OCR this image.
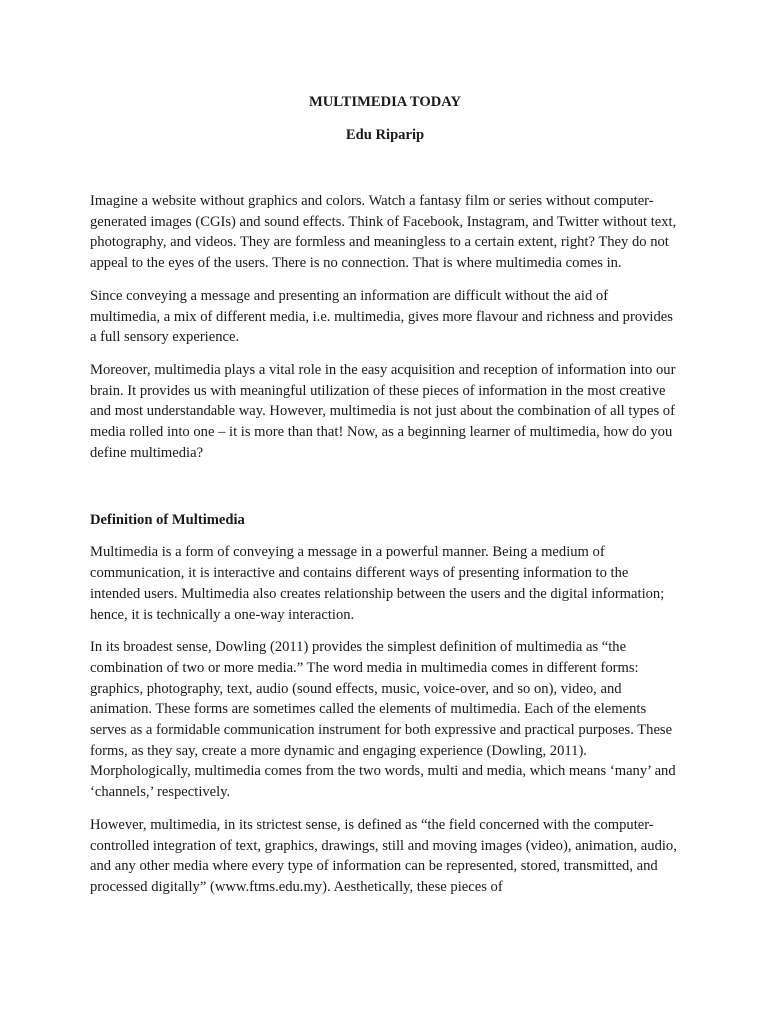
MULTIMEDIA TODAY

Edu Riparip

Imagine a website without graphics and colors. Watch a fantasy film or series without computer-generated images (CGIs) and sound effects. Think of Facebook, Instagram, and Twitter without text, photography, and videos. They are formless and meaningless to a certain extent, right? They do not appeal to the eyes of the users. There is no connection. That is where multimedia comes in.

Since conveying a message and presenting an information are difficult without the aid of multimedia, a mix of different media, i.e. multimedia, gives more flavour and richness and provides a full sensory experience.

Moreover, multimedia plays a vital role in the easy acquisition and reception of information into our brain. It provides us with meaningful utilization of these pieces of information in the most creative and most understandable way. However, multimedia is not just about the combination of all types of media rolled into one – it is more than that! Now, as a beginning learner of multimedia, how do you define multimedia?

Definition of Multimedia

Multimedia is a form of conveying a message in a powerful manner. Being a medium of communication, it is interactive and contains different ways of presenting information to the intended users. Multimedia also creates relationship between the users and the digital information; hence, it is technically a one-way interaction.

In its broadest sense, Dowling (2011) provides the simplest definition of multimedia as “the combination of two or more media.” The word media in multimedia comes in different forms: graphics, photography, text, audio (sound effects, music, voice-over, and so on), video, and animation. These forms are sometimes called the elements of multimedia. Each of the elements serves as a formidable communication instrument for both expressive and practical purposes. These forms, as they say, create a more dynamic and engaging experience (Dowling, 2011). Morphologically, multimedia comes from the two words, multi and media, which means ‘many’ and ‘channels,’ respectively.

However, multimedia, in its strictest sense, is defined as “the field concerned with the computer-controlled integration of text, graphics, drawings, still and moving images (video), animation, audio, and any other media where every type of information can be represented, stored, transmitted, and processed digitally” (www.ftms.edu.my). Aesthetically, these pieces of
